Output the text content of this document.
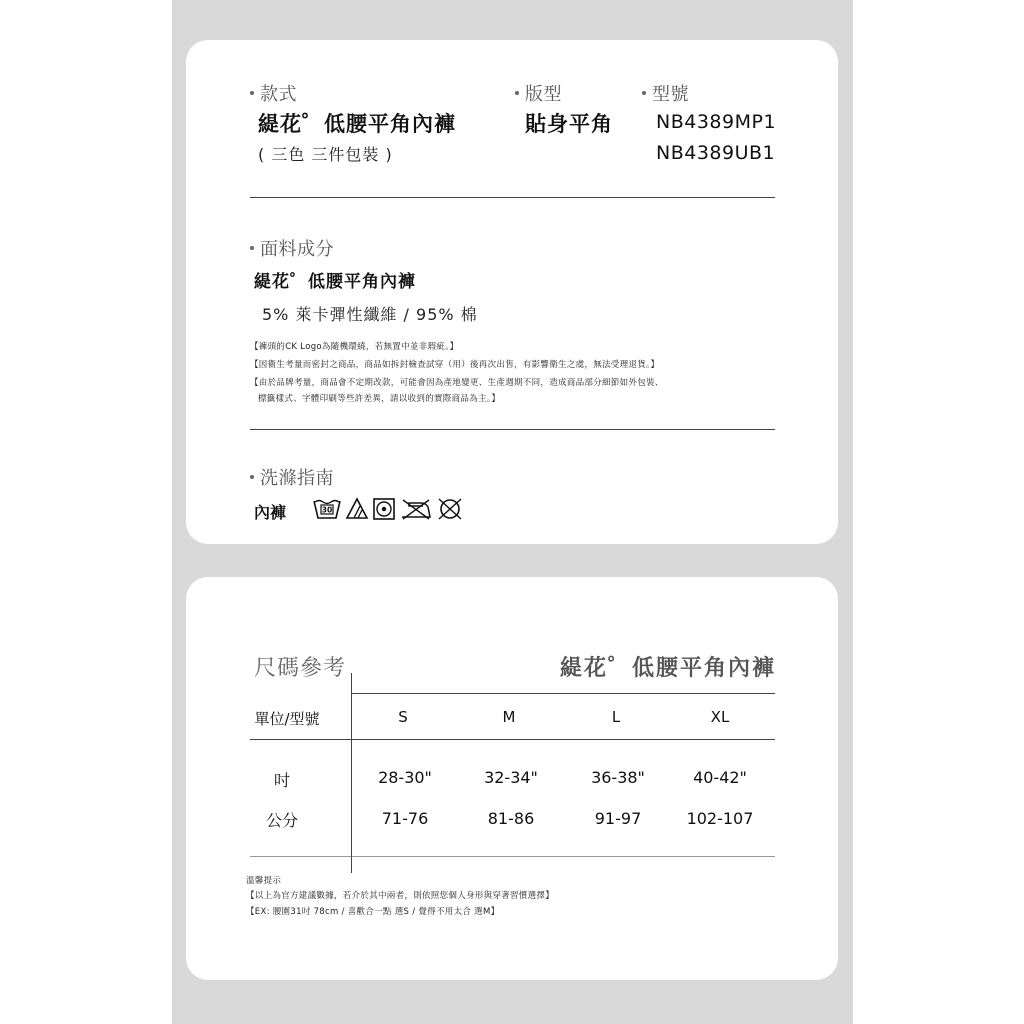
款式
緹花゜低腰平角內褲
( 三色 三件包裝 )
版型
貼身平角
型號
NB4389MP1
NB4389UB1
面料成分
緹花゜低腰平角內褲
5% 萊卡彈性纖維 / 95% 棉
【褲頭的CK Logo為隨機環繞，若無置中並非瑕疵。】
【因衛生考量而密封之商品，商品如拆封檢查試穿（用）後再次出售，有影響衛生之虞，無法受理退貨。】
【由於品牌考量，商品會不定期改款，可能會因為產地變更、生產週期不同，造成商品部分細節如外包裝、
標籤樣式、字體印刷等些許差異，請以收到的實際商品為主。】
洗滌指南
內褲	30
尺碼參考	緹花゜低腰平角內褲
單位/型號	S	M	L	XL
吋	28-30"	32-34"	36-38"	40-42"
公分	71-76	81-86	91-97	102-107
溫馨提示
【以上為官方建議數據，若介於其中兩者，則依照您個人身形與穿著習慣選擇】
【EX: 腰圍31吋 78cm / 喜歡合一點 選S / 覺得不用太合 選M】
